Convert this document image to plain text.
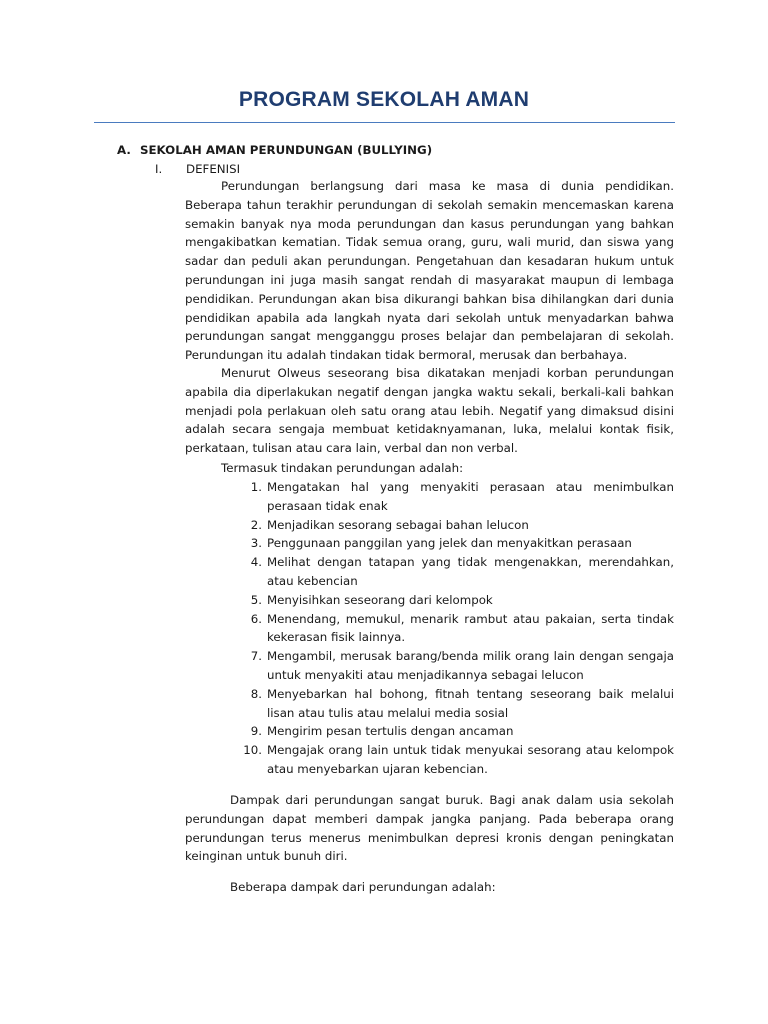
PROGRAM SEKOLAH AMAN
A. SEKOLAH AMAN PERUNDUNGAN (BULLYING)
I. DEFENISI

Perundungan berlangsung dari masa ke masa di dunia pendidikan. Beberapa tahun terakhir perundungan di sekolah semakin mencemaskan karena semakin banyak nya moda perundungan dan kasus perundungan yang bahkan mengakibatkan kematian. Tidak semua orang, guru, wali murid, dan siswa yang sadar dan peduli akan perundungan. Pengetahuan dan kesadaran hukum untuk perundungan ini juga masih sangat rendah di masyarakat maupun di lembaga pendidikan. Perundungan akan bisa dikurangi bahkan bisa dihilangkan dari dunia pendidikan apabila ada langkah nyata dari sekolah untuk menyadarkan bahwa perundungan sangat mengganggu proses belajar dan pembelajaran di sekolah. Perundungan itu adalah tindakan tidak bermoral, merusak dan berbahaya.

Menurut Olweus seseorang bisa dikatakan menjadi korban perundungan apabila dia diperlakukan negatif dengan jangka waktu sekali, berkali-kali bahkan menjadi pola perlakuan oleh satu orang atau lebih. Negatif yang dimaksud disini adalah secara sengaja membuat ketidaknyamanan, luka, melalui kontak fisik, perkataan, tulisan atau cara lain, verbal dan non verbal.

Termasuk tindakan perundungan adalah:
1. Mengatakan hal yang menyakiti perasaan atau menimbulkan perasaan tidak enak
2. Menjadikan sesorang sebagai bahan lelucon
3. Penggunaan panggilan yang jelek dan menyakitkan perasaan
4. Melihat dengan tatapan yang tidak mengenakkan, merendahkan, atau kebencian
5. Menyisihkan seseorang dari kelompok
6. Menendang, memukul, menarik rambut atau pakaian, serta tindak kekerasan fisik lainnya.
7. Mengambil, merusak barang/benda milik orang lain dengan sengaja untuk menyakiti atau menjadikannya sebagai lelucon
8. Menyebarkan hal bohong, fitnah tentang seseorang baik melalui lisan atau tulis atau melalui media sosial
9. Mengirim pesan tertulis dengan ancaman
10. Mengajak orang lain untuk tidak menyukai sesorang atau kelompok atau menyebarkan ujaran kebencian.

Dampak dari perundungan sangat buruk. Bagi anak dalam usia sekolah perundungan dapat memberi dampak jangka panjang. Pada beberapa orang perundungan terus menerus menimbulkan depresi kronis dengan peningkatan keinginan untuk bunuh diri.

Beberapa dampak dari perundungan adalah:
